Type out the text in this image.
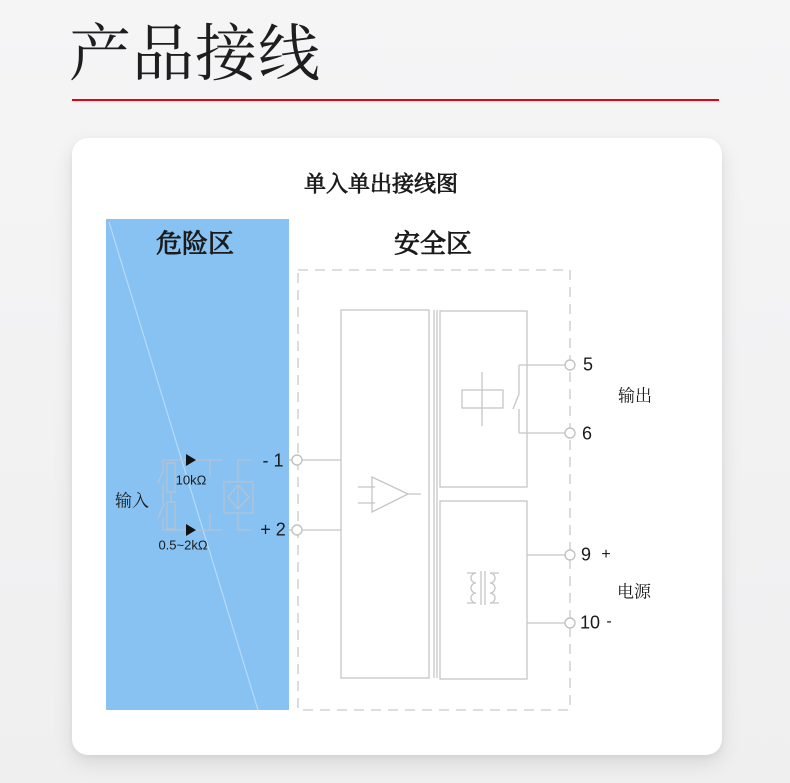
产品接线
单入单出接线图
危险区	安全区
输入
输出
电源
10kΩ
0.5~2kΩ
- 1
+ 2
5
6
9 +
10 -
